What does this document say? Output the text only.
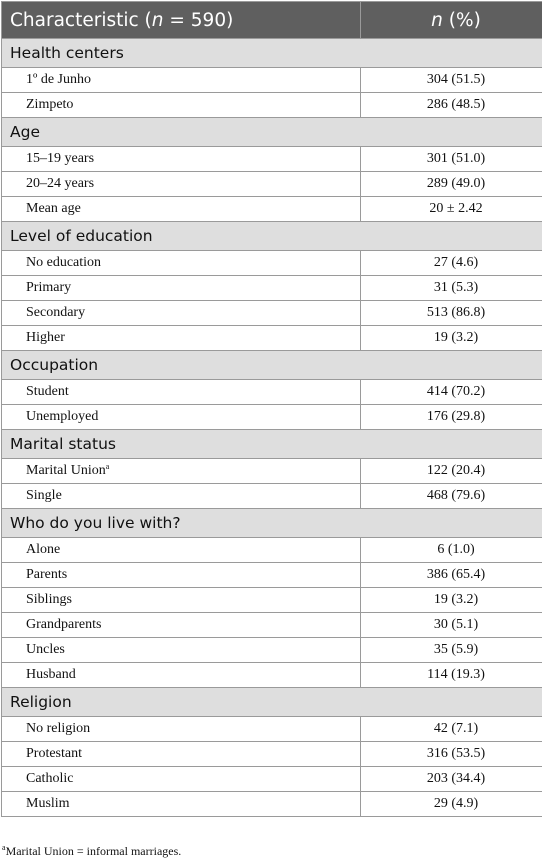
Characteristic (n = 590)	n (%)
Health centers	
1º de Junho	304 (51.5)
Zimpeto	286 (48.5)
Age	
15–19 years	301 (51.0)
20–24 years	289 (49.0)
Mean age	20 ± 2.42
Level of education	
No education	27 (4.6)
Primary	31 (5.3)
Secondary	513 (86.8)
Higher	19 (3.2)
Occupation	
Student	414 (70.2)
Unemployed	176 (29.8)
Marital status	
Marital Union$^a$	122 (20.4)
Single	468 (79.6)
Who do you live with?	
Alone	6 (1.0)
Parents	386 (65.4)
Siblings	19 (3.2)
Grandparents	30 (5.1)
Uncles	35 (5.9)
Husband	114 (19.3)
Religion	
No religion	42 (7.1)
Protestant	316 (53.5)
Catholic	203 (34.4)
Muslim	29 (4.9)
$^a$Marital Union = informal marriages.
